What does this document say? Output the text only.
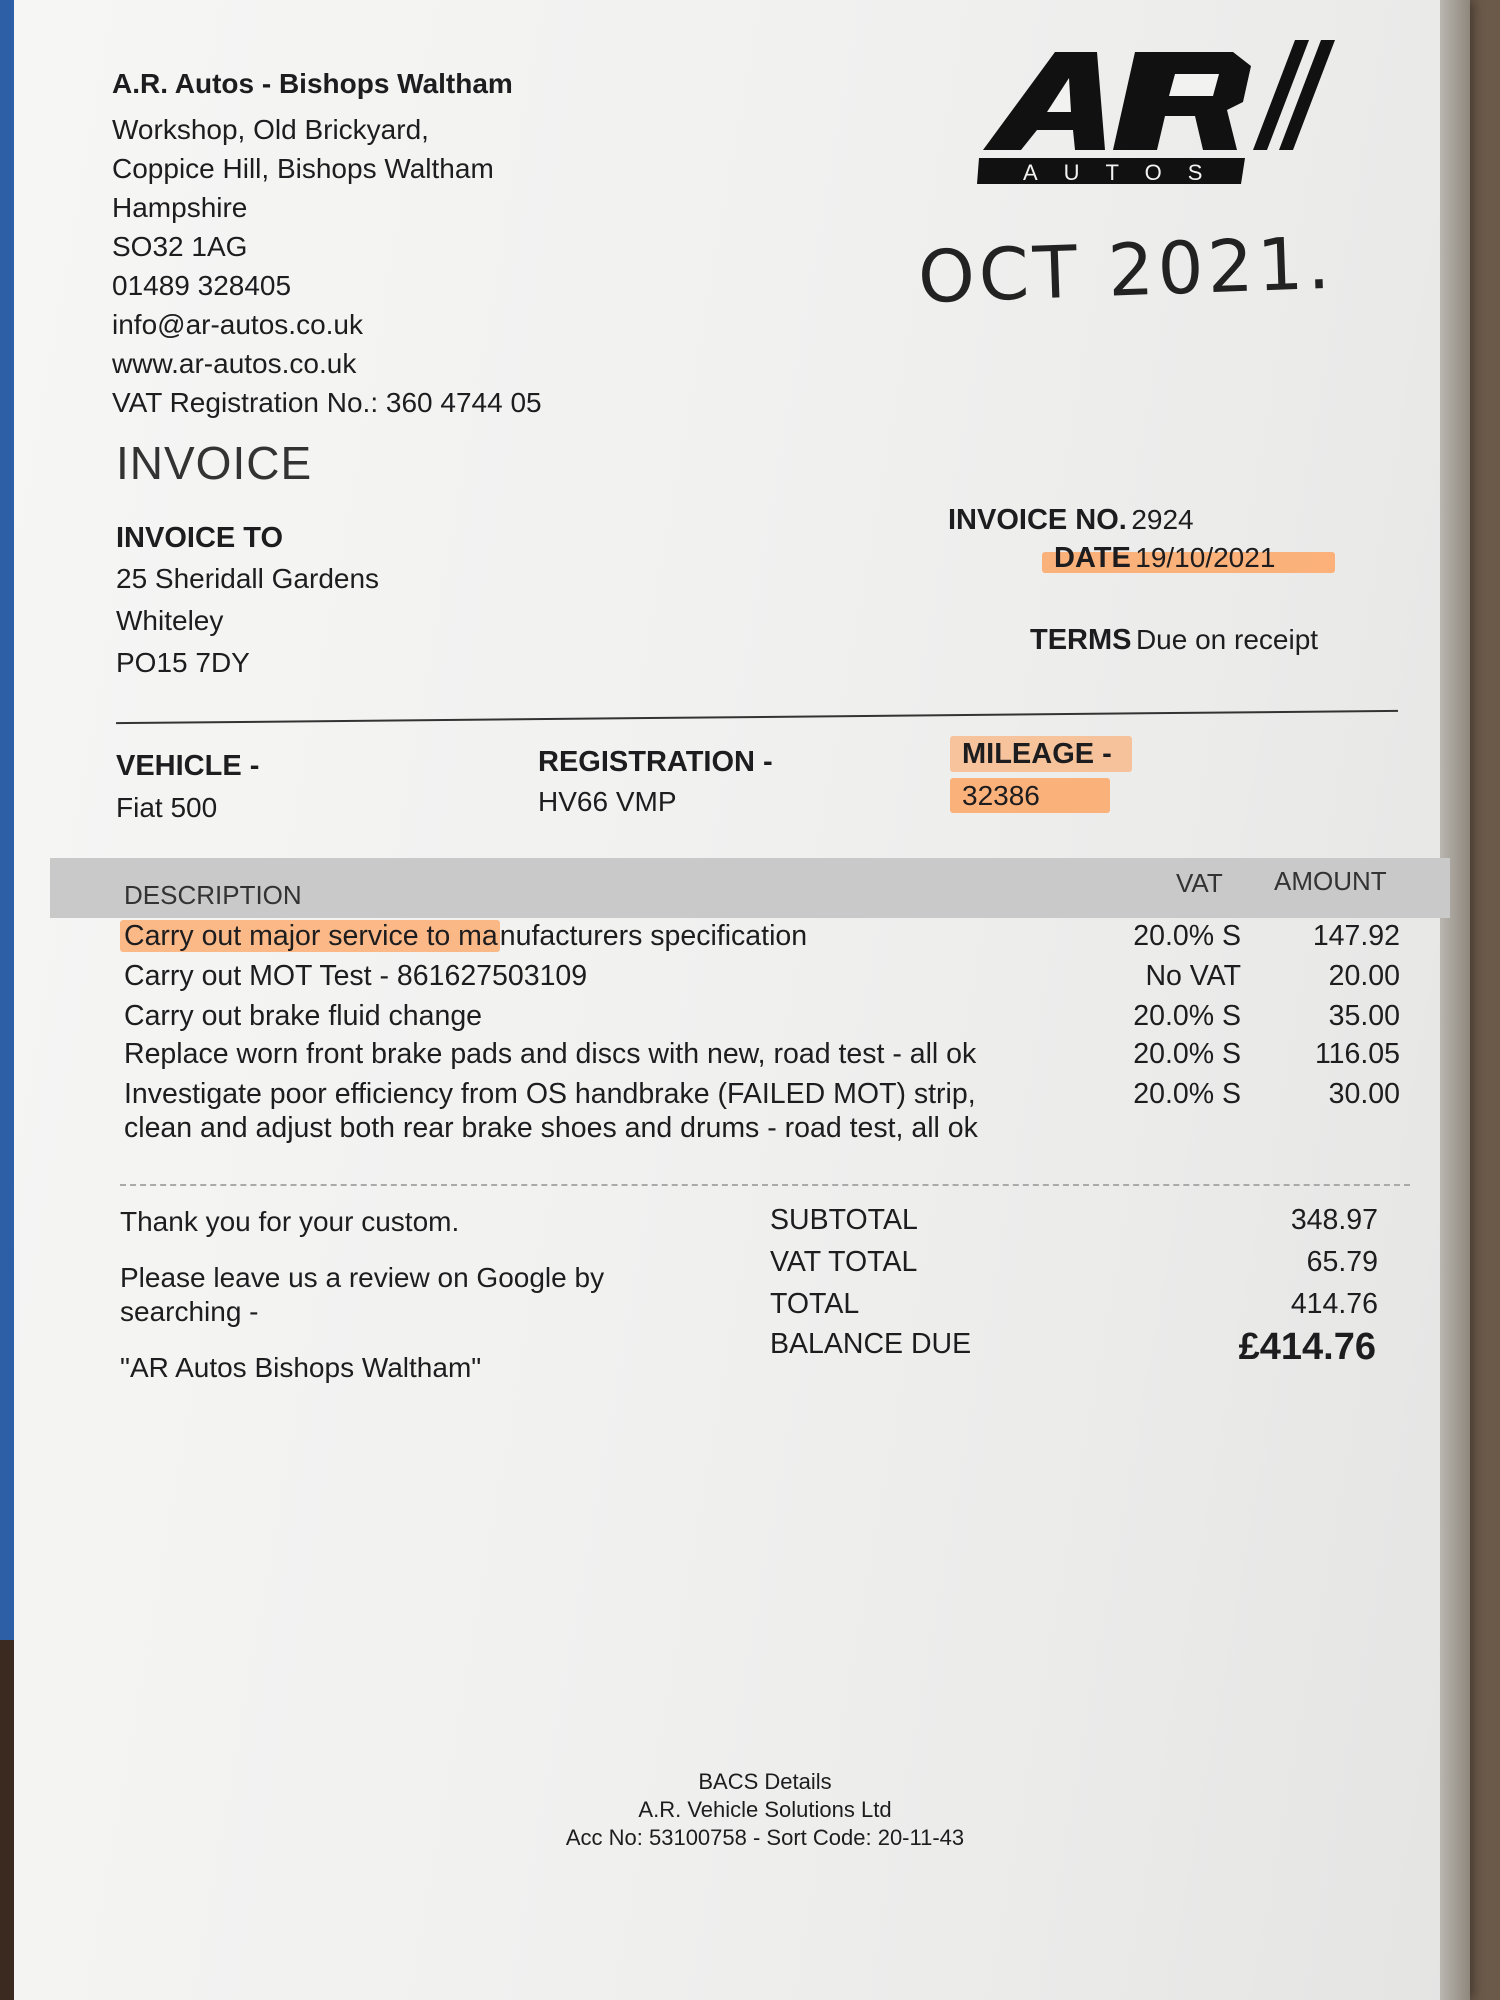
A.R. Autos - Bishops Waltham
Workshop, Old Brickyard,
Coppice Hill, Bishops Waltham
Hampshire
SO32 1AG
01489 328405
info@ar-autos.co.uk
www.ar-autos.co.uk
VAT Registration No.: 360 4744 05
AUTOS
OCT 2021.
INVOICE
INVOICE TO
25 Sheridall Gardens
Whiteley
PO15 7DY
INVOICE NO. 2924
DATE 19/10/2021
TERMS Due on receipt
VEHICLE -
Fiat 500
REGISTRATION -
HV66 VMP
MILEAGE -
32386
DESCRIPTION	VAT AMOUNT
Carry out major service to manufacturers specification	20.0% S	147.92
Carry out MOT Test - 861627503109	No VAT	20.00
Carry out brake fluid change	20.0% S	35.00
Replace worn front brake pads and discs with new, road test - all ok	20.0% S	116.05
Investigate poor efficiency from OS handbrake (FAILED MOT) strip,
clean and adjust both rear brake shoes and drums - road test, all ok
20.0% S	30.00
Thank you for your custom.
Please leave us a review on Google by
searching -
"AR Autos Bishops Waltham"
SUBTOTAL	348.97
VAT TOTAL	65.79
TOTAL	414.76
BALANCE DUE	£414.76
BACS Details
A.R. Vehicle Solutions Ltd
Acc No: 53100758 - Sort Code: 20-11-43
